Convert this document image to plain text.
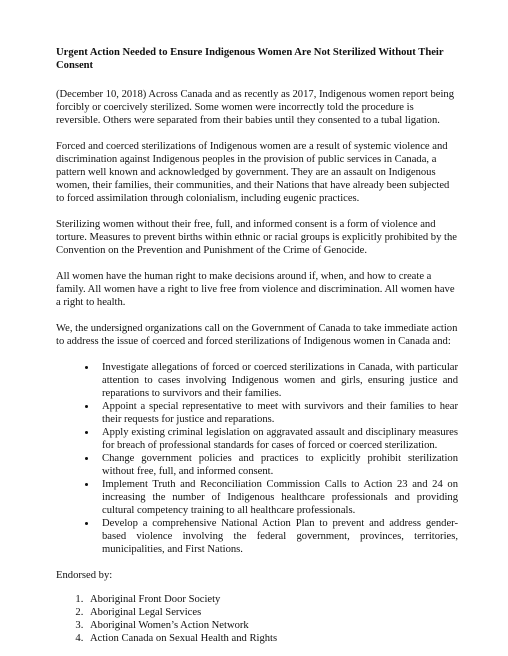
Urgent Action Needed to Ensure Indigenous Women Are Not Sterilized Without Their Consent

(December 10, 2018) Across Canada and as recently as 2017, Indigenous women report being forcibly or coercively sterilized. Some women were incorrectly told the procedure is reversible. Others were separated from their babies until they consented to a tubal ligation.

Forced and coerced sterilizations of Indigenous women are a result of systemic violence and discrimination against Indigenous peoples in the provision of public services in Canada, a pattern well known and acknowledged by government. They are an assault on Indigenous women, their families, their communities, and their Nations that have already been subjected to forced assimilation through colonialism, including eugenic practices.

Sterilizing women without their free, full, and informed consent is a form of violence and torture. Measures to prevent births within ethnic or racial groups is explicitly prohibited by the Convention on the Prevention and Punishment of the Crime of Genocide.

All women have the human right to make decisions around if, when, and how to create a family. All women have a right to live free from violence and discrimination. All women have a right to health.

We, the undersigned organizations call on the Government of Canada to take immediate action to address the issue of coerced and forced sterilizations of Indigenous women in Canada and:

• Investigate allegations of forced or coerced sterilizations in Canada, with particular attention to cases involving Indigenous women and girls, ensuring justice and reparations to survivors and their families.
• Appoint a special representative to meet with survivors and their families to hear their requests for justice and reparations.
• Apply existing criminal legislation on aggravated assault and disciplinary measures for breach of professional standards for cases of forced or coerced sterilization.
• Change government policies and practices to explicitly prohibit sterilization without free, full, and informed consent.
• Implement Truth and Reconciliation Commission Calls to Action 23 and 24 on increasing the number of Indigenous healthcare professionals and providing cultural competency training to all healthcare professionals.
• Develop a comprehensive National Action Plan to prevent and address gender-based violence involving the federal government, provinces, territories, municipalities, and First Nations.

Endorsed by:

1. Aboriginal Front Door Society
2. Aboriginal Legal Services
3. Aboriginal Women’s Action Network
4. Action Canada on Sexual Health and Rights
